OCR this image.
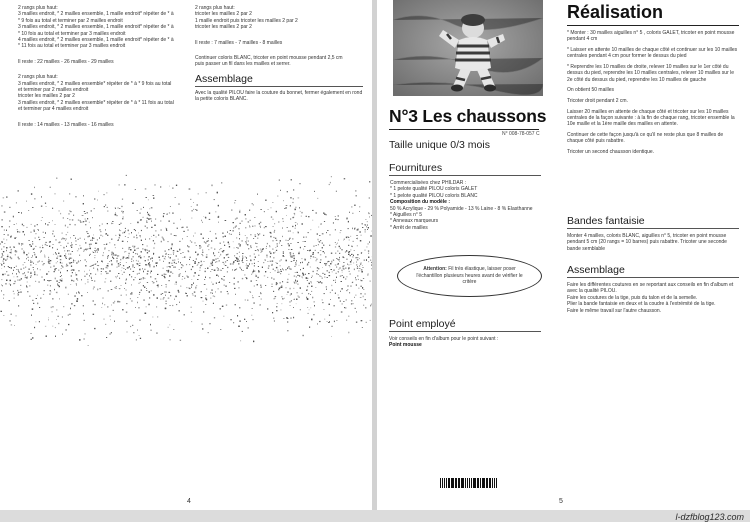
2 rangs plus haut:

3 mailles endroit, * 2 mailles ensemble, 1 maille endroit* répéter de * à

* 9 fois au total et terminer par 2 mailles endroit

3 mailles endroit, * 2 mailles ensemble, 1 maille endroit* répéter de * à

* 10 fois au total et terminer par 3 mailles endroit

4 mailles endroit, * 2 mailles ensemble, 1 maille endroit* répéter de * à

* 11 fois au total et terminer par 3 mailles endroit

Il reste : 22 mailles - 26 mailles - 29 mailles

2 rangs plus haut:

3 mailles endroit, * 2 mailles ensemble* répéter de * à * 9 fois au total

et terminer par 2 mailles endroit

tricoter les mailles 2 par 2

3 mailles endroit, * 2 mailles ensemble* répéter de * à * 11 fois au total

et terminer par 4 mailles endroit

Il reste : 14 mailles - 13 mailles - 16 mailles

2 rangs plus haut:

tricoter les mailles 2 par 2

1 maille endroit puis tricoter les mailles 2 par 2

tricoter les mailles 2 par 2

Il reste : 7 mailles - 7 mailles - 8 mailles

Continuer coloris BLANC, tricoter en point mousse pendant 2,5 cm

puis passer un fil dans les mailles et serrer.

Assemblage
Avec la qualité PILOU faire la couture du bonnet, fermer également en rond la petite coloris BLANC.
4
N°3 Les chaussons
N° 008-78-057 C
Taille unique 0/3 mois
Fournitures

Commercialisées chez PHILDAR :

* 1 pelote qualité PILOU coloris GALET

* 1 pelote qualité PILOU coloris BLANC

Composition du modèle :

50 % Acrylique - 29 % Polyamide - 13 % Laine - 8 % Elasthanne

* Aiguilles n° 5

* Anneaux marqueurs

* Arrêt de mailles

Attention: Fil très élastique, laisser poser l'échantillon plusieurs heures avant de vérifier le critère
Point employé

Voir conseils en fin d'album pour le point suivant :

Point mousse

5
Réalisation

* Monter : 30 mailles aiguilles n° 5 , coloris GALET, tricoter en point mousse pendant 4 cm

* Laisser en attente 10 mailles de chaque côté et continuer sur les 10 mailles centrales pendant 4 cm pour former le dessus du pied

* Reprendre les 10 mailles de droite, relever 10 mailles sur le 1er côté du dessus du pied, reprendre les 10 mailles centrales, relever 10 mailles sur le 2e côté du dessus du pied, reprendre les 10 mailles de gauche

On obtient 50 mailles

Tricoter droit pendant 2 cm.

Laisser 20 mailles en attente de chaque côté et tricoter sur les 10 mailles centrales de la façon suivante : à la fin de chaque rang, tricoter ensemble la 10e maille et la 1ère maille des mailles en attente.

Continuer de cette façon jusqu'à ce qu'il ne reste plus que 8 mailles de chaque côté puis rabattre.

Tricoter un second chausson identique.

Bandes fantaisie
Monter 4 mailles, coloris BLANC, aiguilles n° 5, tricoter en point mousse pendant 5 cm (20 rangs = 10 barres) puis rabattre. Tricoter une seconde bande semblable
Assemblage

Faire les différentes coutures en se reportant aux conseils en fin d'album et avec la qualité PILOU.

Faire les coutures de la tige, puis du talon et de la semelle.

Plier la bande fantaisie en deux et la coudre à l'extrémité de la tige.

Faire le même travail sur l'autre chausson.

l-dzfblog123.com
